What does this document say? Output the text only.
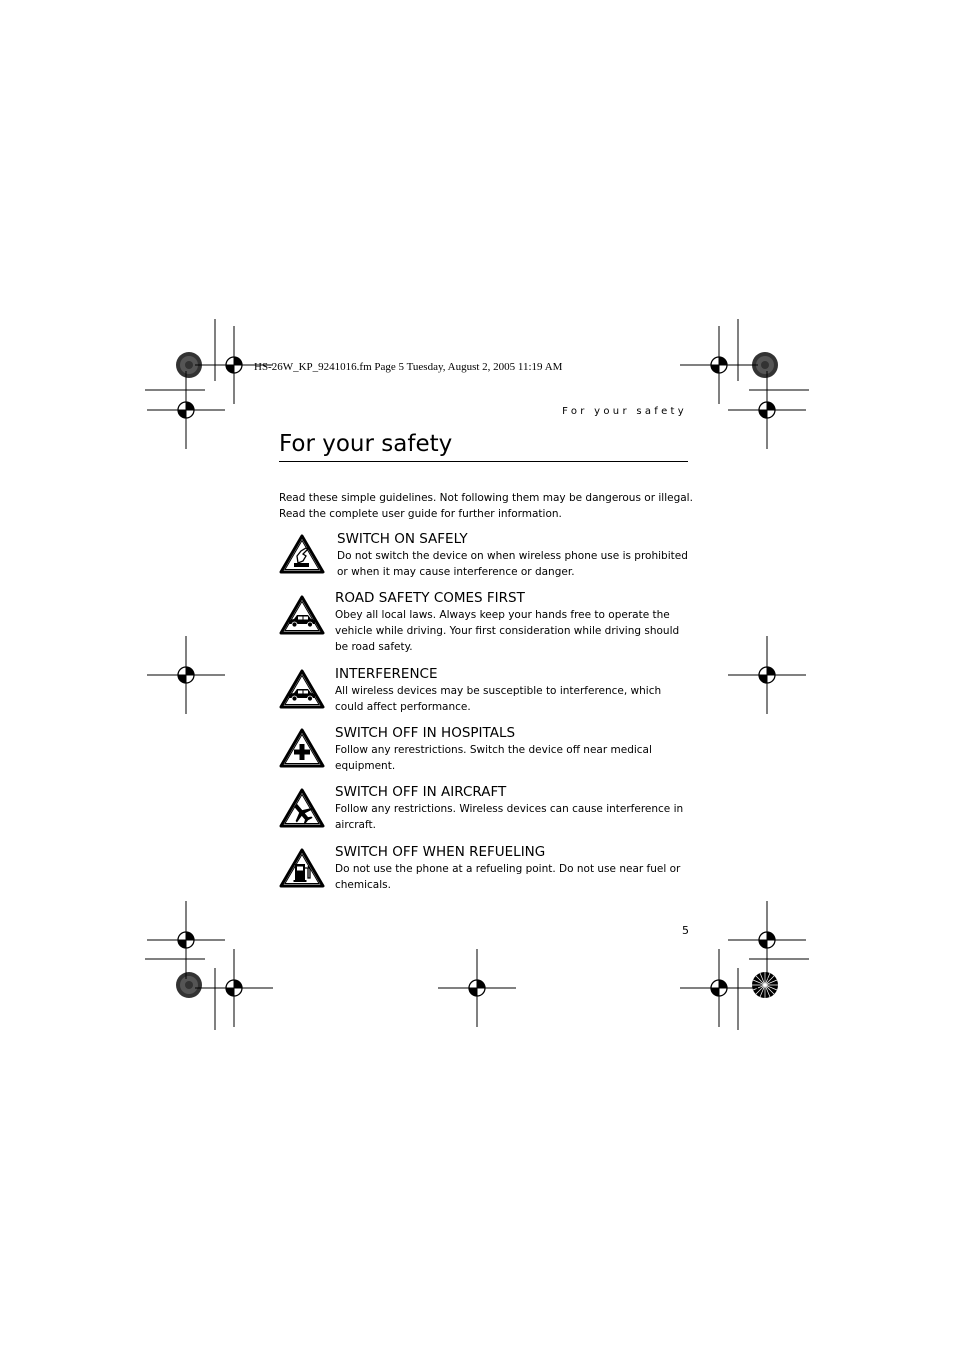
HS-26W_KP_9241016.fm Page 5 Tuesday, August 2, 2005 11:19 AM
For your safety
For your safety

Read these simple guidelines. Not following them may be dangerous or illegal.

Read the complete user guide for further information.

SWITCH ON SAFELY

Do not switch the device on when wireless phone use is prohibited or when it may cause interference or danger.

ROAD SAFETY COMES FIRST

Obey all local laws. Always keep your hands free to operate the vehicle while driving. Your first consideration while driving should be road safety.

INTERFERENCE

All wireless devices may be susceptible to interference, which could affect performance.

SWITCH OFF IN HOSPITALS

Follow any rerestrictions. Switch the device off near medical equipment.

SWITCH OFF IN AIRCRAFT

Follow any restrictions. Wireless devices can cause interference in aircraft.

SWITCH OFF WHEN REFUELING

Do not use the phone at a refueling point. Do not use near fuel or chemicals.

5
